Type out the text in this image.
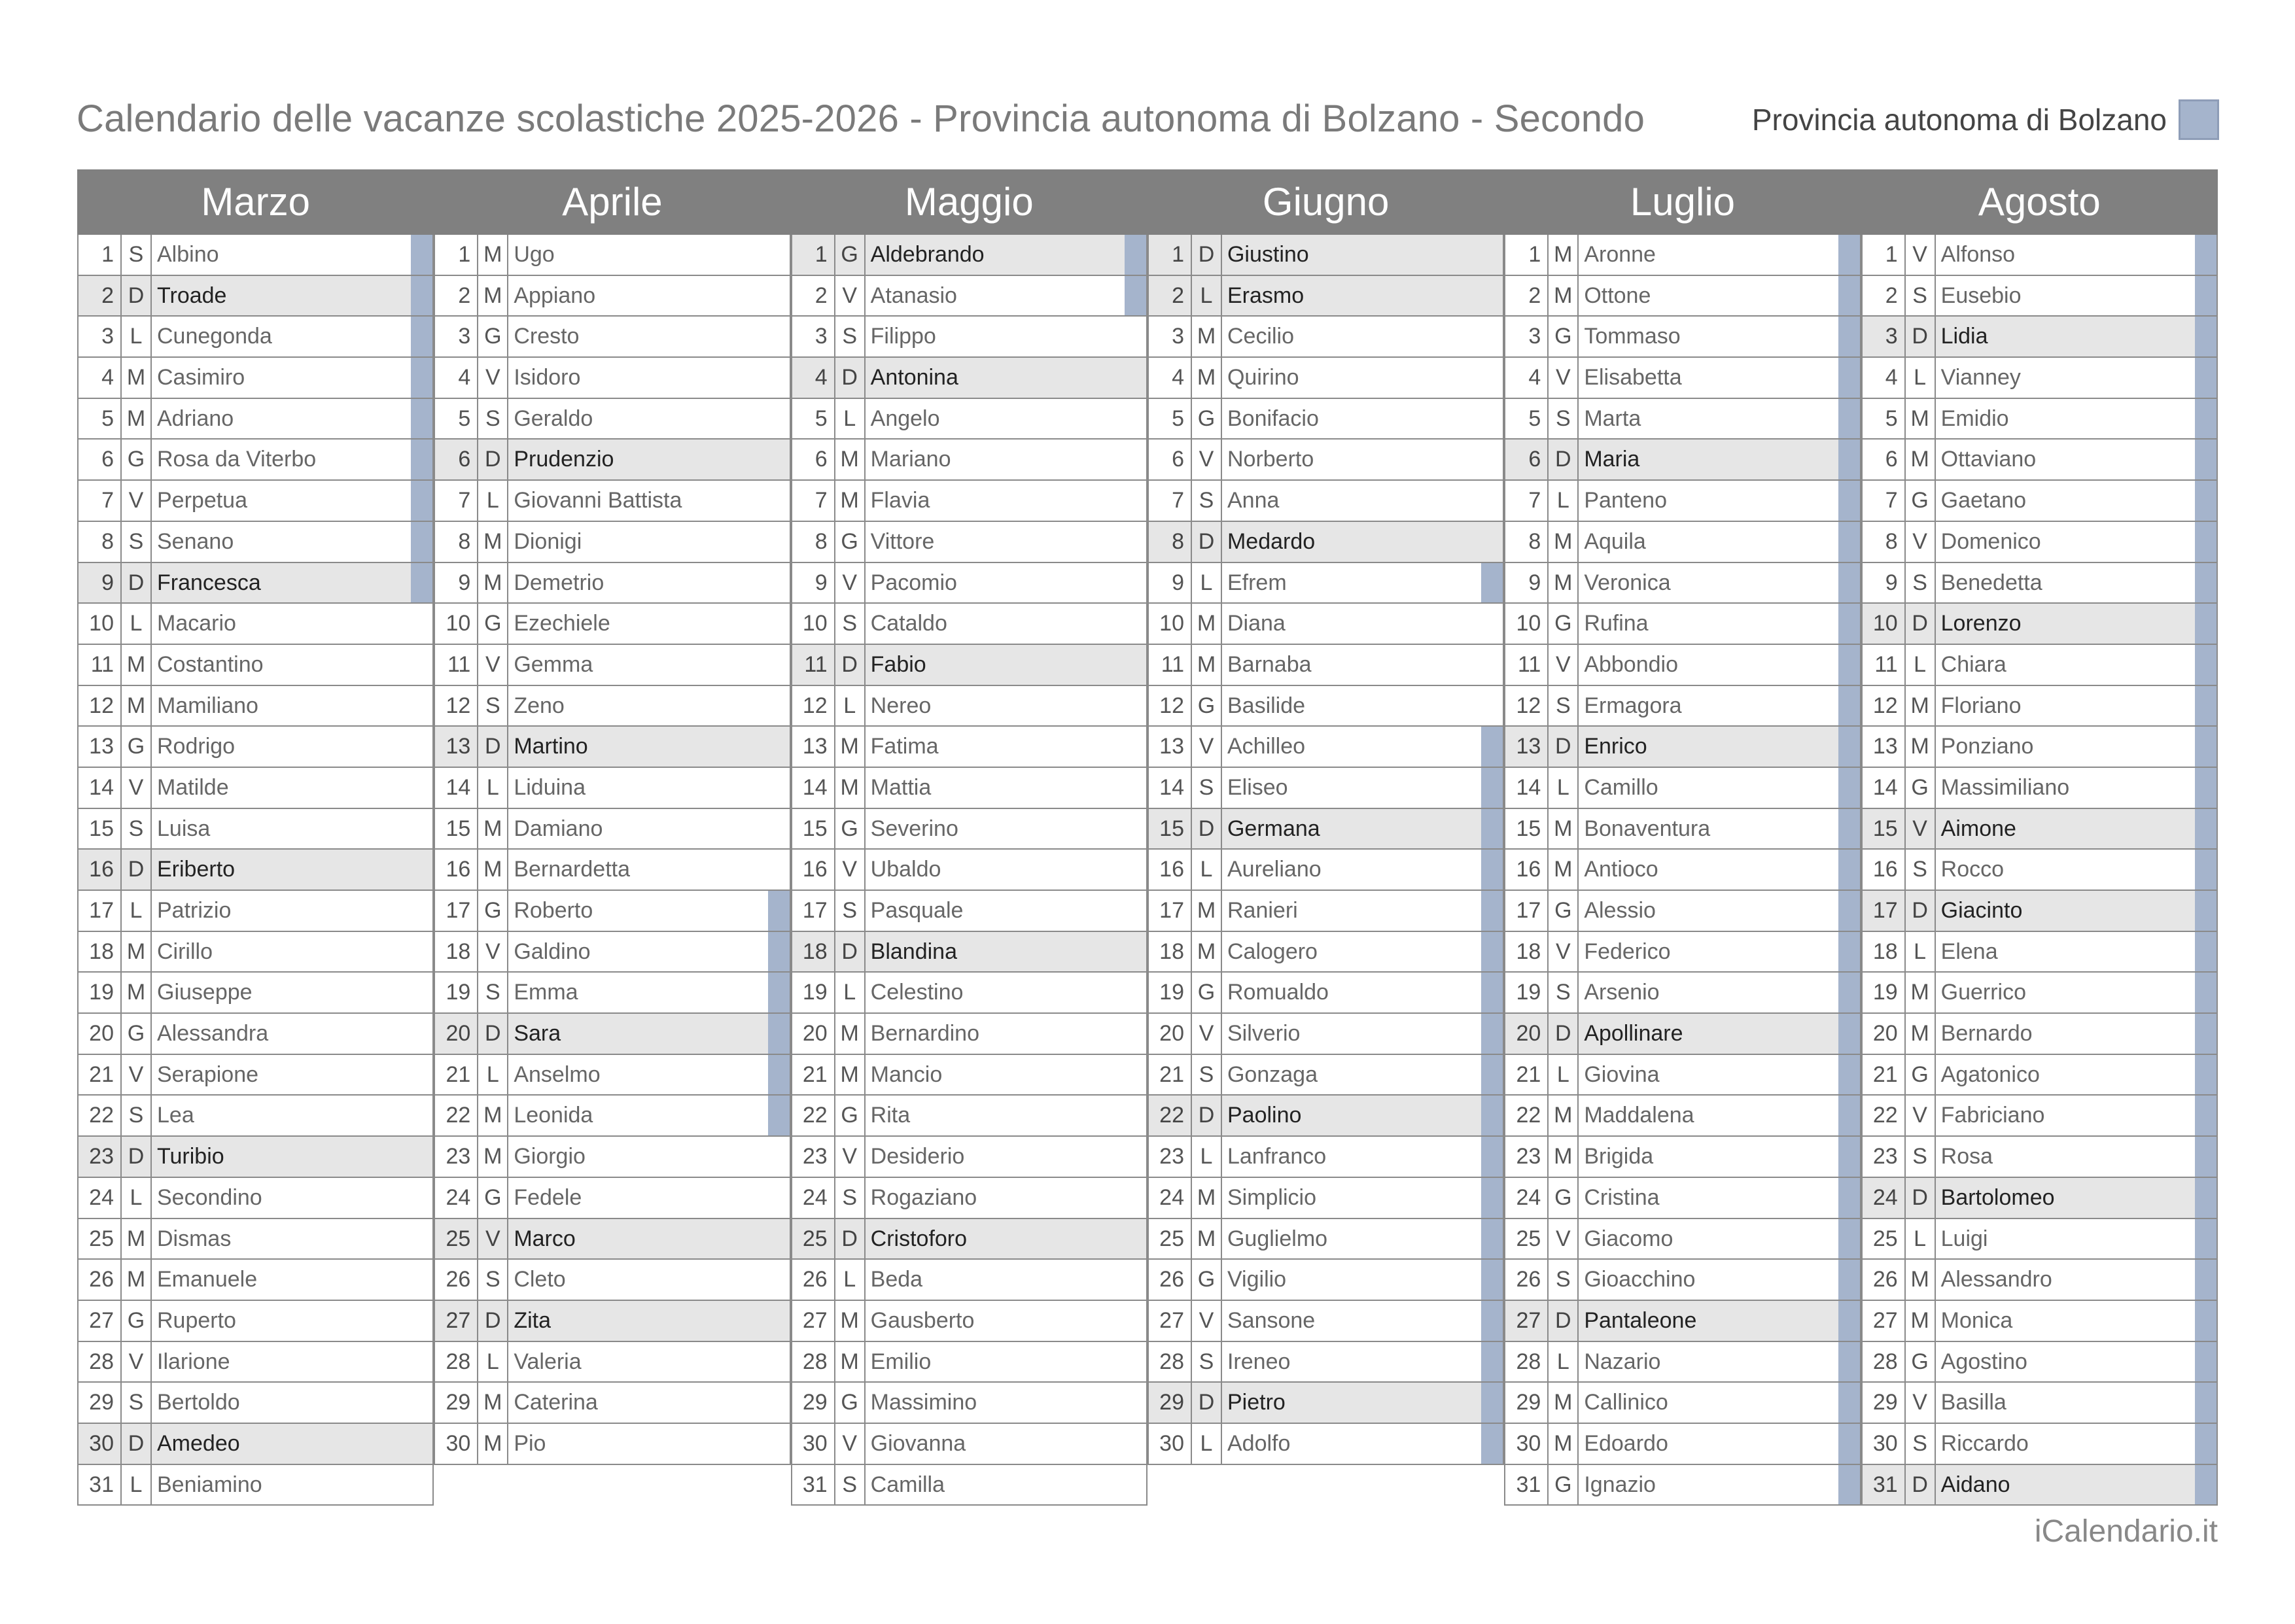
Calendario delle vacanze scolastiche 2025-2026 - Provincia autonoma di Bolzano - Secondo	Provincia autonoma di Bolzano
Marzo
1 S Albino
2 D Troade
3 L Cunegonda
4 M Casimiro
5 M Adriano
6 G Rosa da Viterbo
7 V Perpetua
8 S Senano
9 D Francesca
10 L Macario
11 M Costantino
12 M Mamiliano
13 G Rodrigo
14 V Matilde
15 S Luisa
16 D Eriberto
17 L Patrizio
18 M Cirillo
19 M Giuseppe
20 G Alessandra
21 V Serapione
22 S Lea
23 D Turibio
24 L Secondino
25 M Dismas
26 M Emanuele
27 G Ruperto
28 V Ilarione
29 S Bertoldo
30 D Amedeo
31 L Beniamino
Aprile
1 M Ugo
2 M Appiano
3 G Cresto
4 V Isidoro
5 S Geraldo
6 D Prudenzio
7 L Giovanni Battista
8 M Dionigi
9 M Demetrio
10 G Ezechiele
11 V Gemma
12 S Zeno
13 D Martino
14 L Liduina
15 M Damiano
16 M Bernardetta
17 G Roberto
18 V Galdino
19 S Emma
20 D Sara
21 L Anselmo
22 M Leonida
23 M Giorgio
24 G Fedele
25 V Marco
26 S Cleto
27 D Zita
28 L Valeria
29 M Caterina
30 M Pio
Maggio
1 G Aldebrando
2 V Atanasio
3 S Filippo
4 D Antonina
5 L Angelo
6 M Mariano
7 M Flavia
8 G Vittore
9 V Pacomio
10 S Cataldo
11 D Fabio
12 L Nereo
13 M Fatima
14 M Mattia
15 G Severino
16 V Ubaldo
17 S Pasquale
18 D Blandina
19 L Celestino
20 M Bernardino
21 M Mancio
22 G Rita
23 V Desiderio
24 S Rogaziano
25 D Cristoforo
26 L Beda
27 M Gausberto
28 M Emilio
29 G Massimino
30 V Giovanna
31 S Camilla
Giugno
1 D Giustino
2 L Erasmo
3 M Cecilio
4 M Quirino
5 G Bonifacio
6 V Norberto
7 S Anna
8 D Medardo
9 L Efrem
10 M Diana
11 M Barnaba
12 G Basilide
13 V Achilleo
14 S Eliseo
15 D Germana
16 L Aureliano
17 M Ranieri
18 M Calogero
19 G Romualdo
20 V Silverio
21 S Gonzaga
22 D Paolino
23 L Lanfranco
24 M Simplicio
25 M Guglielmo
26 G Vigilio
27 V Sansone
28 S Ireneo
29 D Pietro
30 L Adolfo
Luglio
1 M Aronne
2 M Ottone
3 G Tommaso
4 V Elisabetta
5 S Marta
6 D Maria
7 L Panteno
8 M Aquila
9 M Veronica
10 G Rufina
11 V Abbondio
12 S Ermagora
13 D Enrico
14 L Camillo
15 M Bonaventura
16 M Antioco
17 G Alessio
18 V Federico
19 S Arsenio
20 D Apollinare
21 L Giovina
22 M Maddalena
23 M Brigida
24 G Cristina
25 V Giacomo
26 S Gioacchino
27 D Pantaleone
28 L Nazario
29 M Callinico
30 M Edoardo
31 G Ignazio
Agosto
1 V Alfonso
2 S Eusebio
3 D Lidia
4 L Vianney
5 M Emidio
6 M Ottaviano
7 G Gaetano
8 V Domenico
9 S Benedetta
10 D Lorenzo
11 L Chiara
12 M Floriano
13 M Ponziano
14 G Massimiliano
15 V Aimone
16 S Rocco
17 D Giacinto
18 L Elena
19 M Guerrico
20 M Bernardo
21 G Agatonico
22 V Fabriciano
23 S Rosa
24 D Bartolomeo
25 L Luigi
26 M Alessandro
27 M Monica
28 G Agostino
29 V Basilla
30 S Riccardo
31 D Aidano
iCalendario.it
